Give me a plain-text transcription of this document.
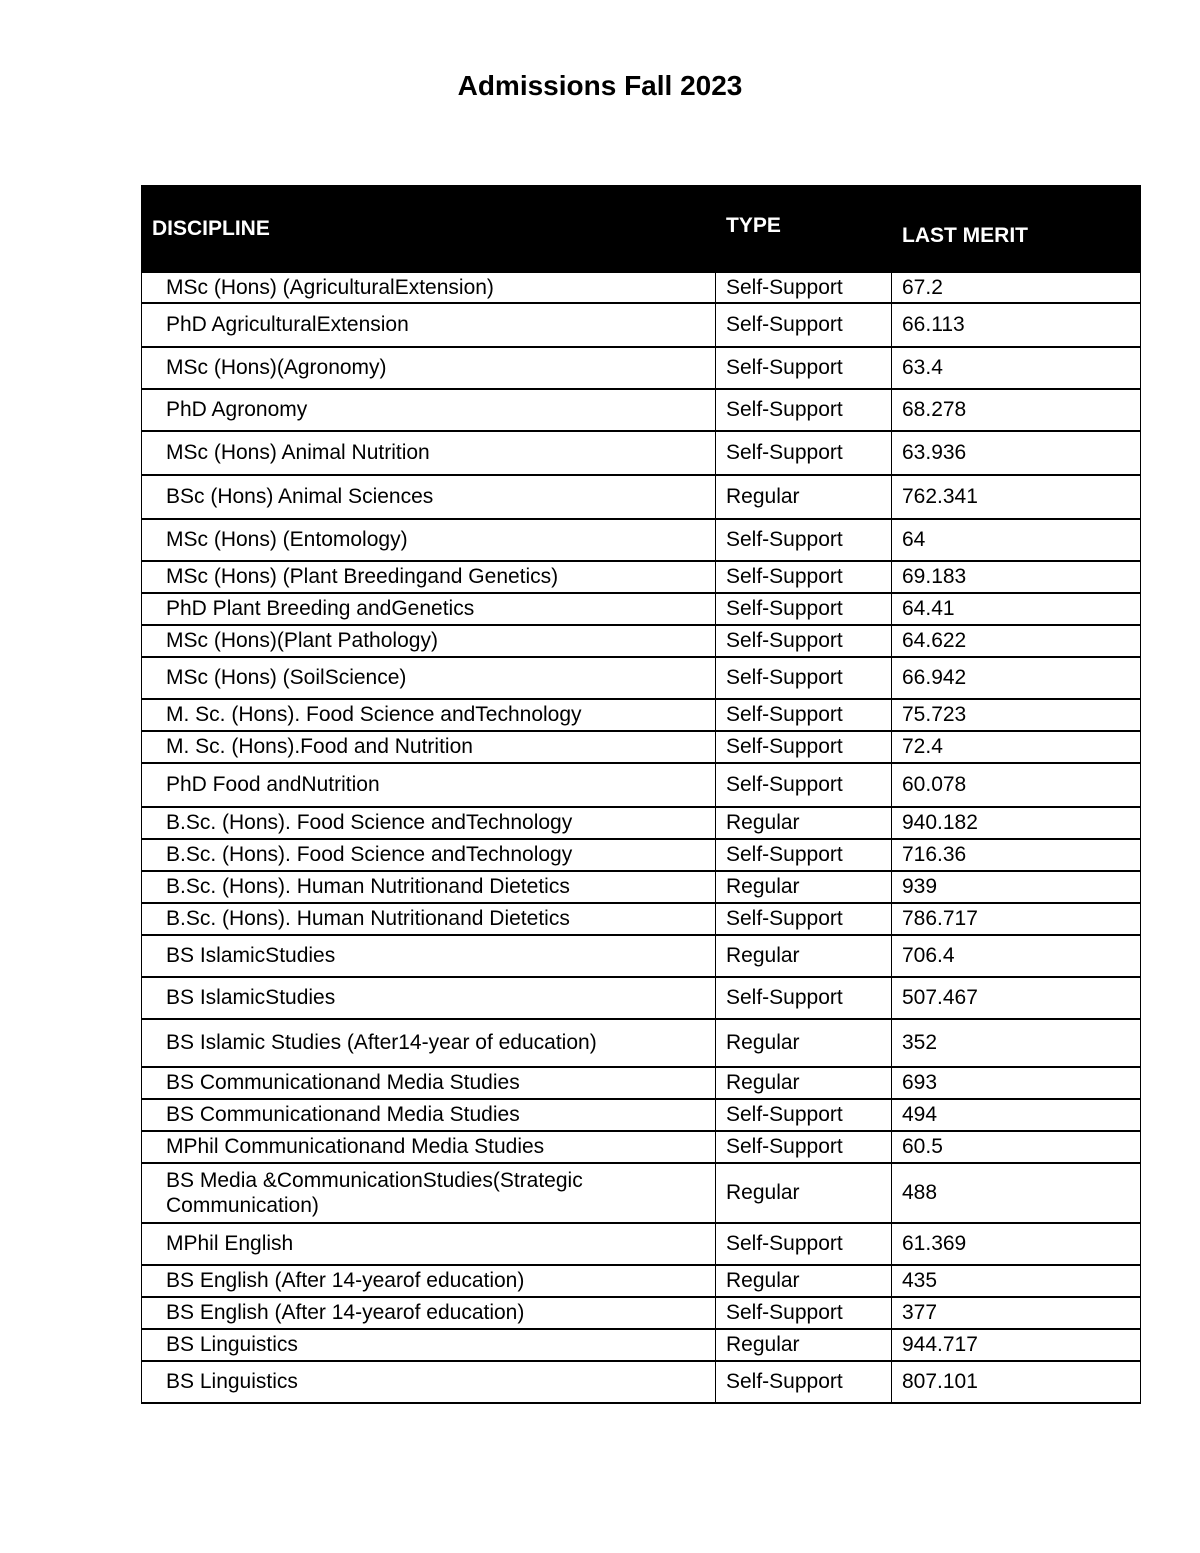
Admissions Fall 2023
DISCIPLINE	TYPE	LAST MERIT
MSc (Hons) (AgriculturalExtension)	Self-Support	67.2
PhD AgriculturalExtension	Self-Support	66.113
MSc (Hons)(Agronomy)	Self-Support	63.4
PhD Agronomy	Self-Support	68.278
MSc (Hons) Animal Nutrition	Self-Support	63.936
BSc (Hons) Animal Sciences	Regular	762.341
MSc (Hons) (Entomology)	Self-Support	64
MSc (Hons) (Plant Breedingand Genetics)	Self-Support	69.183
PhD Plant Breeding andGenetics	Self-Support	64.41
MSc (Hons)(Plant Pathology)	Self-Support	64.622
MSc (Hons) (SoilScience)	Self-Support	66.942
M. Sc. (Hons). Food Science andTechnology	Self-Support	75.723
M. Sc. (Hons).Food and Nutrition	Self-Support	72.4
PhD Food andNutrition	Self-Support	60.078
B.Sc. (Hons). Food Science andTechnology	Regular	940.182
B.Sc. (Hons). Food Science andTechnology	Self-Support	716.36
B.Sc. (Hons). Human Nutritionand Dietetics	Regular	939
B.Sc. (Hons). Human Nutritionand Dietetics	Self-Support	786.717
BS IslamicStudies	Regular	706.4
BS IslamicStudies	Self-Support	507.467
BS Islamic Studies (After14-year of education)	Regular	352
BS Communicationand Media Studies	Regular	693
BS Communicationand Media Studies	Self-Support	494
MPhil Communicationand Media Studies	Self-Support	60.5
BS Media &CommunicationStudies(Strategic Communication)	Regular	488
MPhil English	Self-Support	61.369
BS English (After 14-yearof education)	Regular	435
BS English (After 14-yearof education)	Self-Support	377
BS Linguistics	Regular	944.717
BS Linguistics	Self-Support	807.101
